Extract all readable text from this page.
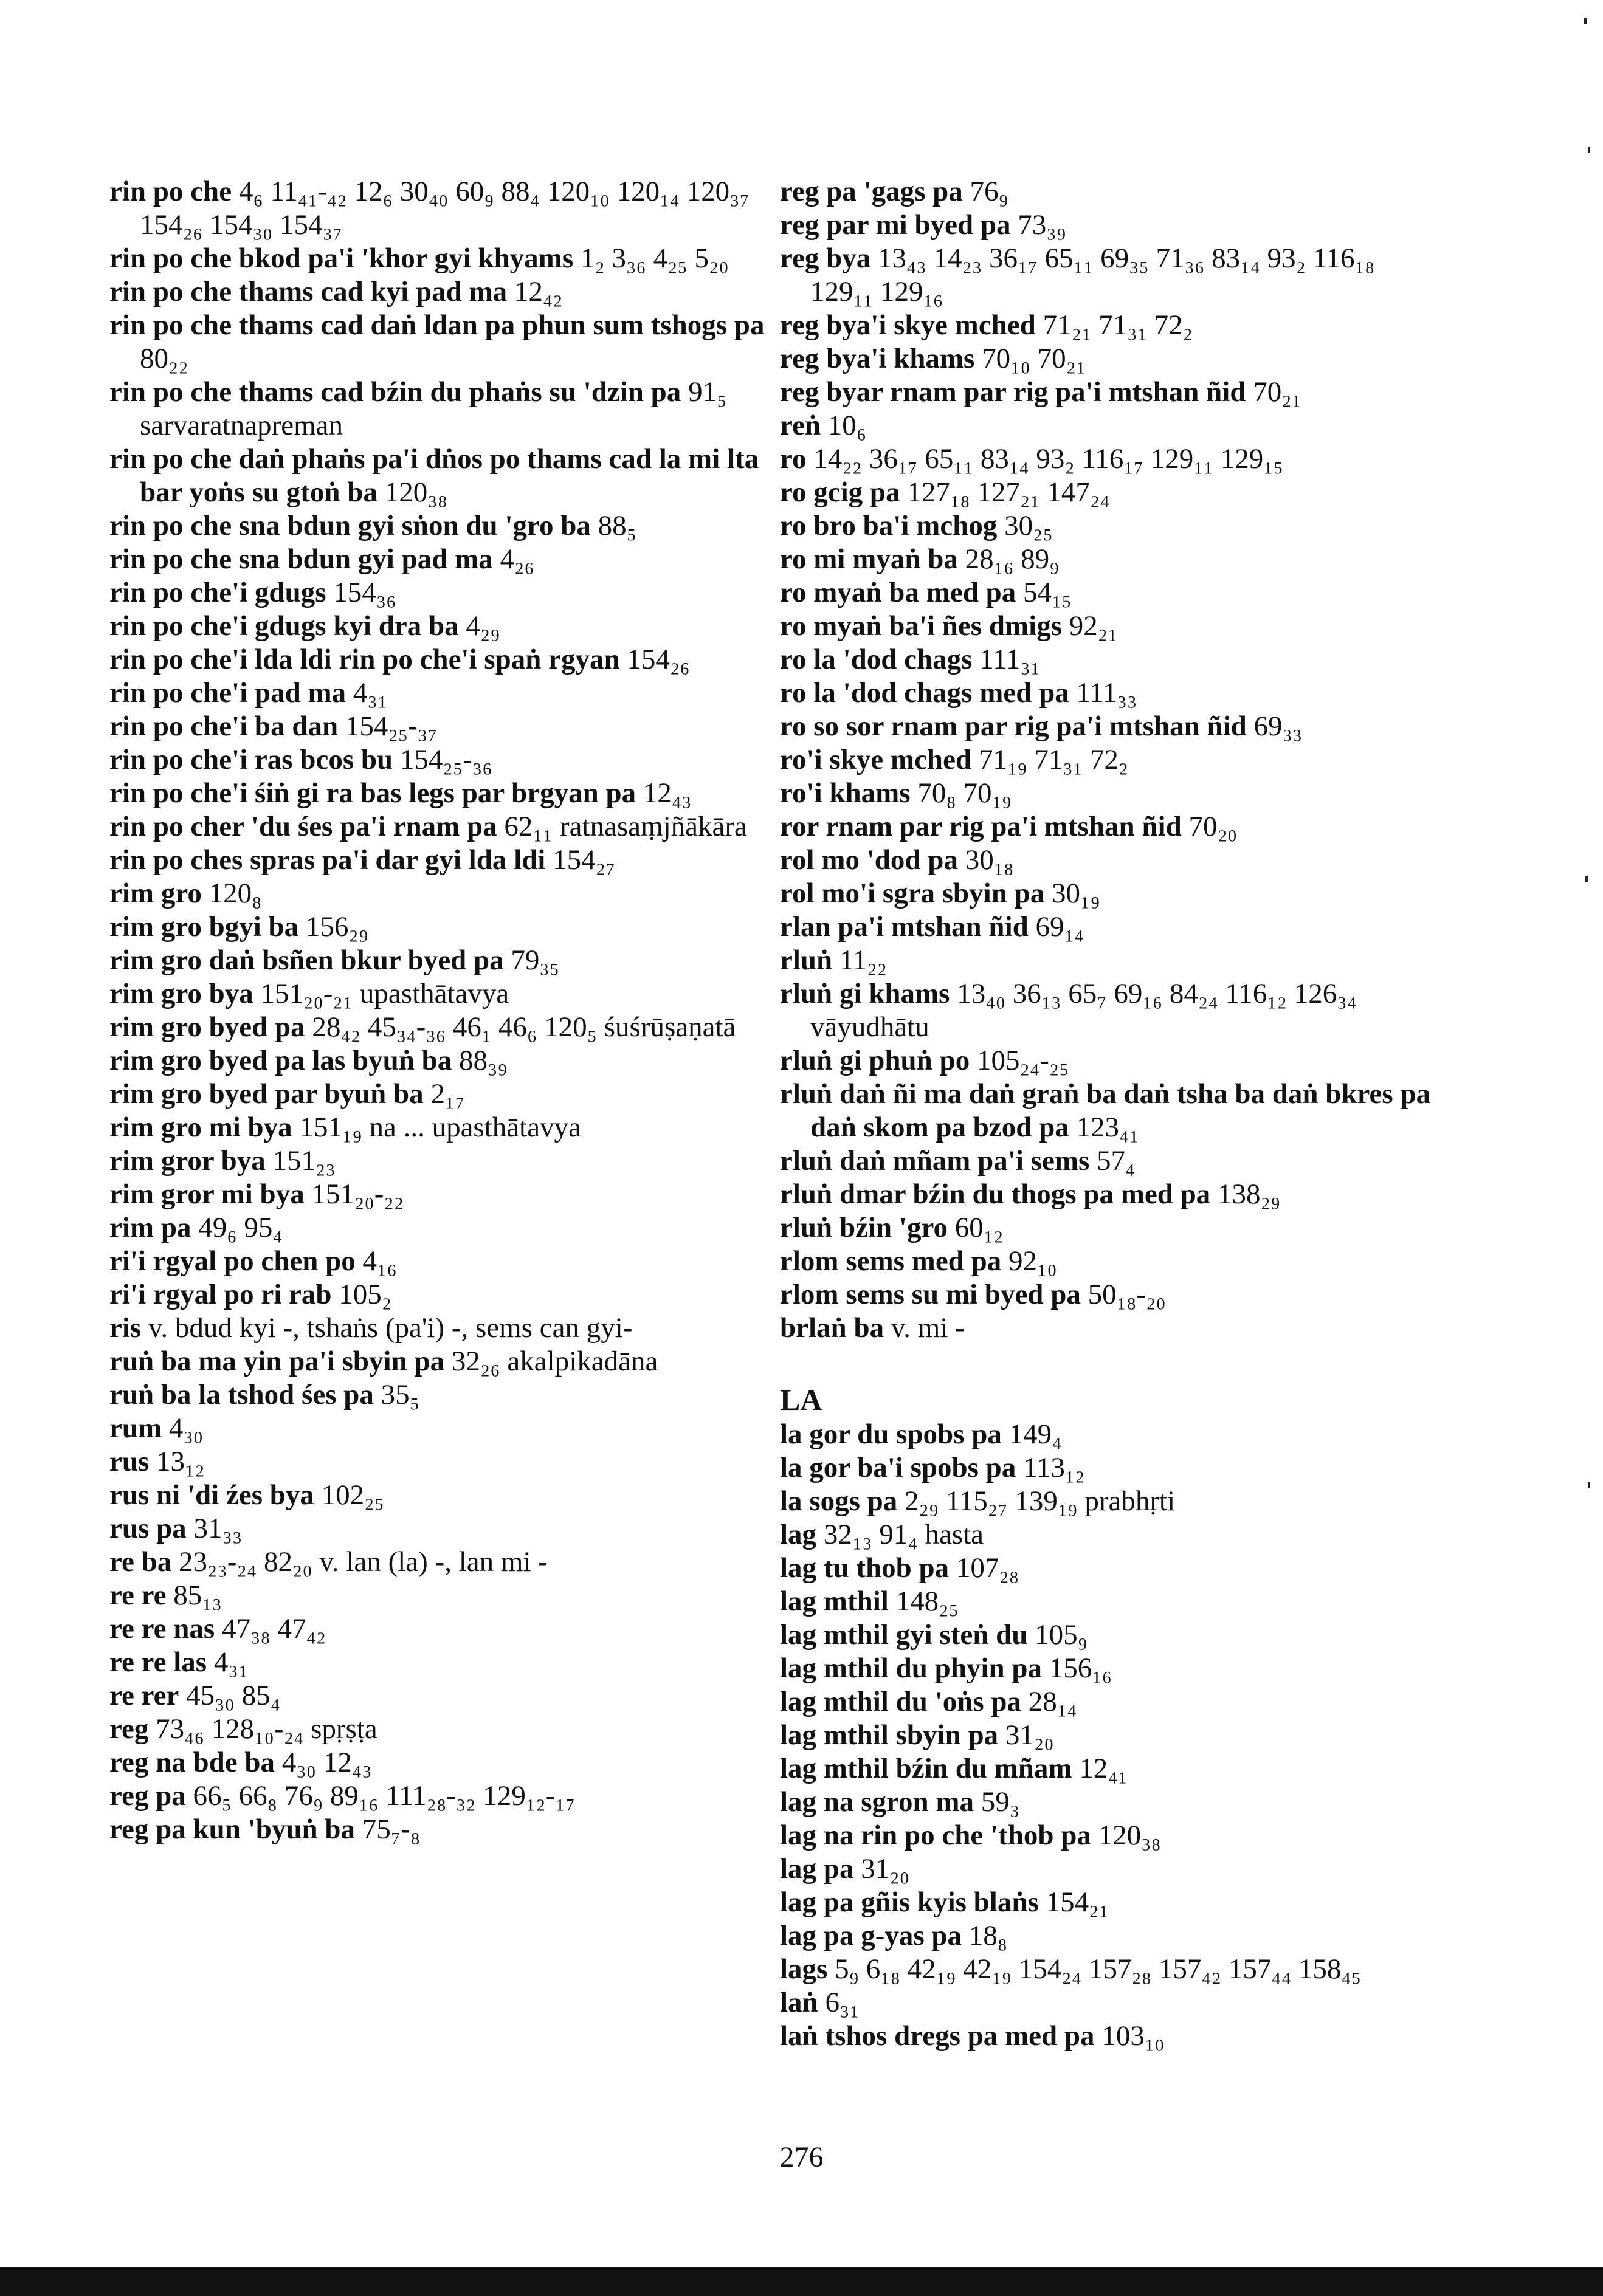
rin po che 4₆ 11₄₁-₄₂ 12₆ 30₄₀ 60₉ 88₄ 120₁₀ 120₁₄ 120₃₇ 154₂₆ 154₃₀ 154₃₇

rin po che bkod pa'i 'khor gyi khyams 1₂ 3₃₆ 4₂₅ 5₂₀

rin po che thams cad kyi pad ma 12₄₂

rin po che thams cad daṅ ldan pa phun sum tshogs pa 80₂₂

rin po che thams cad bźin du phaṅs su 'dzin pa 91₅ sarvaratnapreman

rin po che daṅ phaṅs pa'i dṅos po thams cad la mi lta bar yoṅs su gtoṅ ba 120₃₈

rin po che sna bdun gyi sṅon du 'gro ba 88₅

rin po che sna bdun gyi pad ma 4₂₆

rin po che'i gdugs 154₃₆

rin po che'i gdugs kyi dra ba 4₂₉

rin po che'i lda ldi rin po che'i spaṅ rgyan 154₂₆

rin po che'i pad ma 4₃₁

rin po che'i ba dan 154₂₅-₃₇

rin po che'i ras bcos bu 154₂₅-₃₆

rin po che'i śiṅ gi ra bas legs par brgyan pa 12₄₃

rin po cher 'du śes pa'i rnam pa 62₁₁ ratnasaṃjñākāra

rin po ches spras pa'i dar gyi lda ldi 154₂₇

rim gro 120₈

rim gro bgyi ba 156₂₉

rim gro daṅ bsñen bkur byed pa 79₃₅

rim gro bya 151₂₀-₂₁ upasthātavya

rim gro byed pa 28₄₂ 45₃₄-₃₆ 46₁ 46₆ 120₅ śuśrūṣaṇatā

rim gro byed pa las byuṅ ba 88₃₉

rim gro byed par byuṅ ba 2₁₇

rim gro mi bya 151₁₉ na ... upasthātavya

rim gror bya 151₂₃

rim gror mi bya 151₂₀-₂₂

rim pa 49₆ 95₄

ri'i rgyal po chen po 4₁₆

ri'i rgyal po ri rab 105₂

ris v. bdud kyi -, tshaṅs (pa'i) -, sems can gyi-

ruṅ ba ma yin pa'i sbyin pa 32₂₆ akalpikadāna

ruṅ ba la tshod śes pa 35₅

rum 4₃₀

rus 13₁₂

rus ni 'di źes bya 102₂₅

rus pa 31₃₃

re ba 23₂₃-₂₄ 82₂₀ v. lan (la) -, lan mi -

re re 85₁₃

re re nas 47₃₈ 47₄₂

re re las 4₃₁

re rer 45₃₀ 85₄

reg 73₄₆ 128₁₀-₂₄ spṛṣṭa

reg na bde ba 4₃₀ 12₄₃

reg pa 66₅ 66₈ 76₉ 89₁₆ 111₂₈-₃₂ 129₁₂-₁₇

reg pa kun 'byuṅ ba 75₇-₈

reg pa 'gags pa 76₉

reg par mi byed pa 73₃₉

reg bya 13₄₃ 14₂₃ 36₁₇ 65₁₁ 69₃₅ 71₃₆ 83₁₄ 93₂ 116₁₈ 129₁₁ 129₁₆

reg bya'i skye mched 71₂₁ 71₃₁ 72₂

reg bya'i khams 70₁₀ 70₂₁

reg byar rnam par rig pa'i mtshan ñid 70₂₁

reṅ 10₆

ro 14₂₂ 36₁₇ 65₁₁ 83₁₄ 93₂ 116₁₇ 129₁₁ 129₁₅

ro gcig pa 127₁₈ 127₂₁ 147₂₄

ro bro ba'i mchog 30₂₅

ro mi myaṅ ba 28₁₆ 89₉

ro myaṅ ba med pa 54₁₅

ro myaṅ ba'i ñes dmigs 92₂₁

ro la 'dod chags 111₃₁

ro la 'dod chags med pa 111₃₃

ro so sor rnam par rig pa'i mtshan ñid 69₃₃

ro'i skye mched 71₁₉ 71₃₁ 72₂

ro'i khams 70₈ 70₁₉

ror rnam par rig pa'i mtshan ñid 70₂₀

rol mo 'dod pa 30₁₈

rol mo'i sgra sbyin pa 30₁₉

rlan pa'i mtshan ñid 69₁₄

rluṅ 11₂₂

rluṅ gi khams 13₄₀ 36₁₃ 65₇ 69₁₆ 84₂₄ 116₁₂ 126₃₄ vāyudhātu

rluṅ gi phuṅ po 105₂₄-₂₅

rluṅ daṅ ñi ma daṅ graṅ ba daṅ tsha ba daṅ bkres pa daṅ skom pa bzod pa 123₄₁

rluṅ daṅ mñam pa'i sems 57₄

rluṅ dmar bźin du thogs pa med pa 138₂₉

rluṅ bźin 'gro 60₁₂

rlom sems med pa 92₁₀

rlom sems su mi byed pa 50₁₈-₂₀

brlaṅ ba v. mi -

LA

la gor du spobs pa 149₄

la gor ba'i spobs pa 113₁₂

la sogs pa 2₂₉ 115₂₇ 139₁₉ prabhṛti

lag 32₁₃ 91₄ hasta

lag tu thob pa 107₂₈

lag mthil 148₂₅

lag mthil gyi steṅ du 105₉

lag mthil du phyin pa 156₁₆

lag mthil du 'oṅs pa 28₁₄

lag mthil sbyin pa 31₂₀

lag mthil bźin du mñam 12₄₁

lag na sgron ma 59₃

lag na rin po che 'thob pa 120₃₈

lag pa 31₂₀

lag pa gñis kyis blaṅs 154₂₁

lag pa g-yas pa 18₈

lags 5₉ 6₁₈ 42₁₉ 42₁₉ 154₂₄ 157₂₈ 157₄₂ 157₄₄ 158₄₅

laṅ 6₃₁

laṅ tshos dregs pa med pa 103₁₀

276
